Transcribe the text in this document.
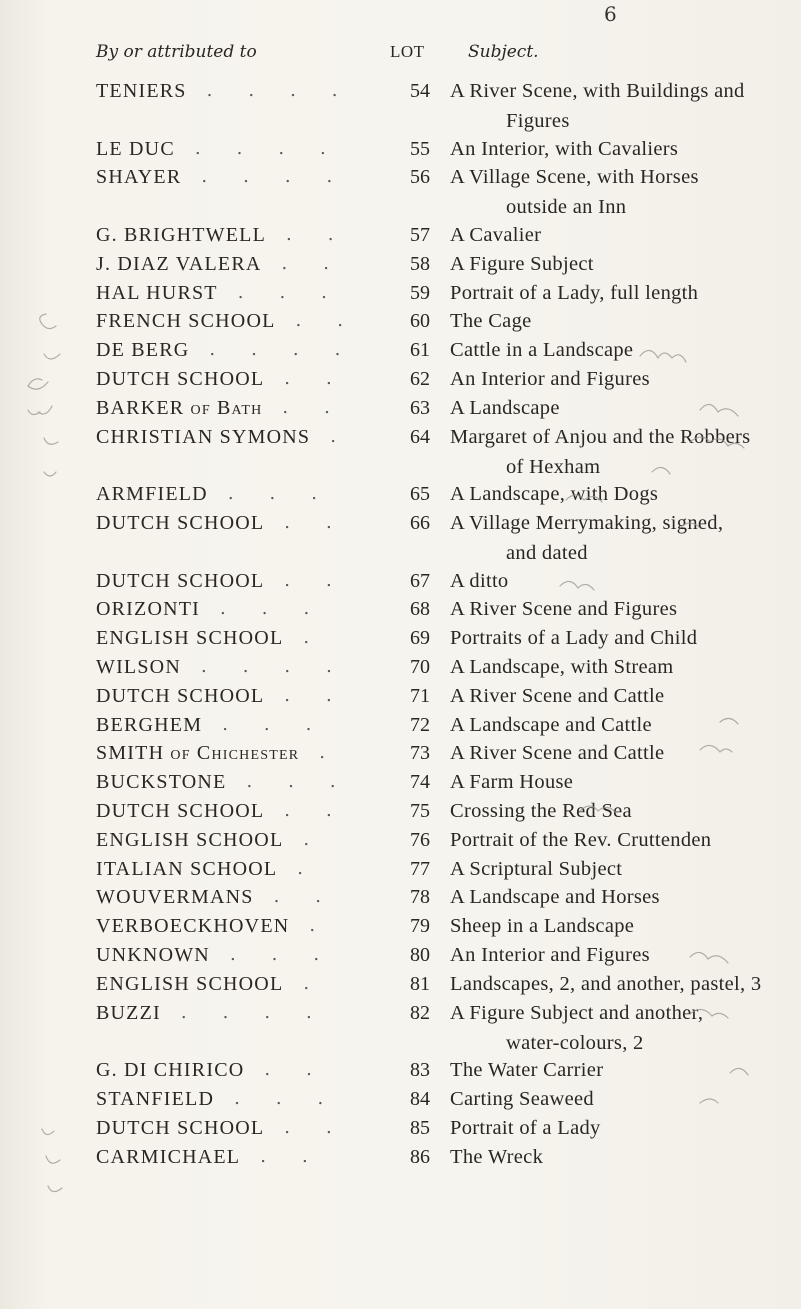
6
By or attributed to	LOT	Subject.
TENIERS	54 A River Scene, with Buildings and
Figures
.  .  .  .
LE DUC	55 An Interior, with Cavaliers
.  .  .  .
SHAYER	56 A Village Scene, with Horses
outside an Inn
.  .  .  .
G. BRIGHTWELL	57 A Cavalier
.  .
J. DIAZ VALERA	58 A Figure Subject
.  .
HAL HURST	59 Portrait of a Lady, full length
.  .  .
FRENCH SCHOOL	60 The Cage
.  .
DE BERG	61 Cattle in a Landscape
.  .  .  .
DUTCH SCHOOL	62 An Interior and Figures
.  .
BARKER of Bath	63 A Landscape
.  .
CHRISTIAN SYMONS	64 Margaret of Anjou and the Robbers
of Hexham
.
ARMFIELD	65 A Landscape, with Dogs
.  .  .
DUTCH SCHOOL	66 A Village Merrymaking, signed,
and dated
.  .
DUTCH SCHOOL	67 A ditto
.  .
ORIZONTI	68 A River Scene and Figures
.  .  .
ENGLISH SCHOOL	69 Portraits of a Lady and Child
.
WILSON	70 A Landscape, with Stream
.  .  .  .
DUTCH SCHOOL	71 A River Scene and Cattle
.  .
BERGHEM	72 A Landscape and Cattle
.  .  .
SMITH of Chichester	73 A River Scene and Cattle
.
BUCKSTONE	74 A Farm House
.  .  .
DUTCH SCHOOL	75 Crossing the Red Sea
.  .
ENGLISH SCHOOL	76 Portrait of the Rev. Cruttenden
.
ITALIAN SCHOOL	77 A Scriptural Subject
.
WOUVERMANS	78 A Landscape and Horses
.  .
VERBOECKHOVEN	79 Sheep in a Landscape
.
UNKNOWN	80 An Interior and Figures
.  .  .
ENGLISH SCHOOL	81 Landscapes, 2, and another, pastel, 3
.
BUZZI	82 A Figure Subject and another,
water-colours, 2
.  .  .  .
G. DI CHIRICO	83 The Water Carrier
.  .
STANFIELD	84 Carting Seaweed
.  .  .
DUTCH SCHOOL	85 Portrait of a Lady
.  .
CARMICHAEL	86 The Wreck
.  .
